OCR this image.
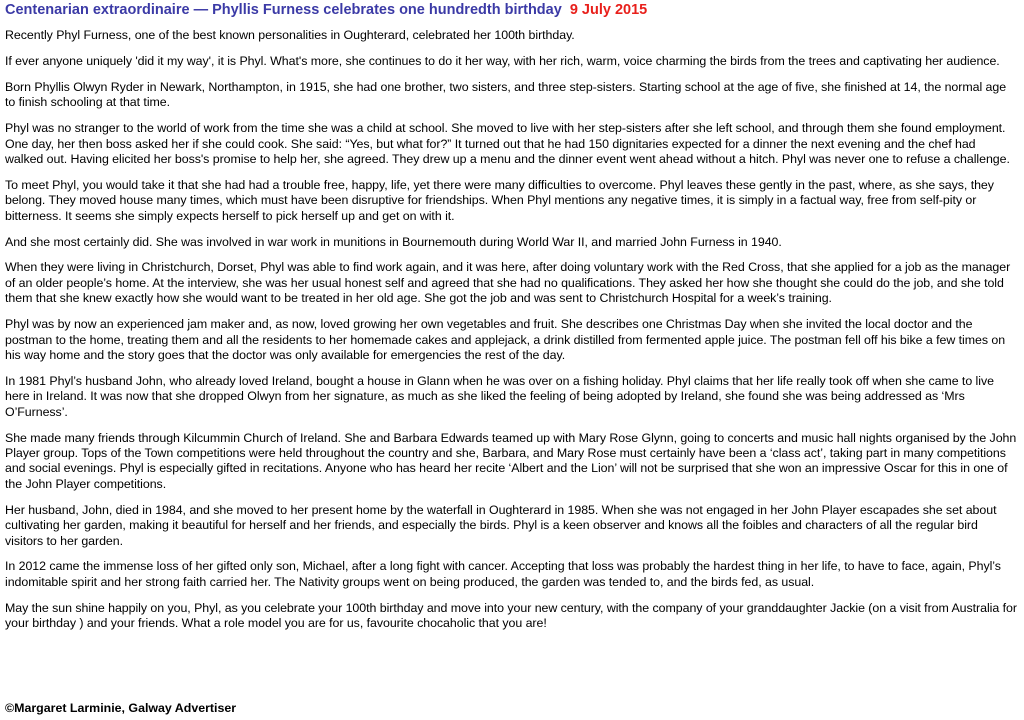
Centenarian extraordinaire — Phyllis Furness celebrates one hundredth birthday 9 July 2015

Recently Phyl Furness, one of the best known personalities in Oughterard, celebrated her 100th birthday.

If ever anyone uniquely 'did it my way', it is Phyl. What's more, she continues to do it her way, with her rich, warm, voice charming the birds from the trees and captivating her audience.

Born Phyllis Olwyn Ryder in Newark, Northampton, in 1915, she had one brother, two sisters, and three step-sisters. Starting school at the age of five, she finished at 14, the normal age to finish schooling at that time.

Phyl was no stranger to the world of work from the time she was a child at school. She moved to live with her step-sisters after she left school, and through them she found employment. One day, her then boss asked her if she could cook. She said: “Yes, but what for?” It turned out that he had 150 dignitaries expected for a dinner the next evening and the chef had walked out. Having elicited her boss's promise to help her, she agreed. They drew up a menu and the dinner event went ahead without a hitch. Phyl was never one to refuse a challenge.

To meet Phyl, you would take it that she had had a trouble free, happy, life, yet there were many difficulties to overcome. Phyl leaves these gently in the past, where, as she says, they belong. They moved house many times, which must have been disruptive for friendships. When Phyl mentions any negative times, it is simply in a factual way, free from self-pity or bitterness. It seems she simply expects herself to pick herself up and get on with it.

And she most certainly did. She was involved in war work in munitions in Bournemouth during World War II, and married John Furness in 1940.

When they were living in Christchurch, Dorset, Phyl was able to find work again, and it was here, after doing voluntary work with the Red Cross, that she applied for a job as the manager of an older people’s home. At the interview, she was her usual honest self and agreed that she had no qualifications. They asked her how she thought she could do the job, and she told them that she knew exactly how she would want to be treated in her old age. She got the job and was sent to Christchurch Hospital for a week’s training.

Phyl was by now an experienced jam maker and, as now, loved growing her own vegetables and fruit. She describes one Christmas Day when she invited the local doctor and the postman to the home, treating them and all the residents to her homemade cakes and applejack, a drink distilled from fermented apple juice. The postman fell off his bike a few times on his way home and the story goes that the doctor was only available for emergencies the rest of the day.

In 1981 Phyl’s husband John, who already loved Ireland, bought a house in Glann when he was over on a fishing holiday. Phyl claims that her life really took off when she came to live here in Ireland. It was now that she dropped Olwyn from her signature, as much as she liked the feeling of being adopted by Ireland, she found she was being addressed as ‘Mrs O’Furness’.

She made many friends through Kilcummin Church of Ireland. She and Barbara Edwards teamed up with Mary Rose Glynn, going to concerts and music hall nights organised by the John Player group. Tops of the Town competitions were held throughout the country and she, Barbara, and Mary Rose must certainly have been a ‘class act’, taking part in many competitions and social evenings. Phyl is especially gifted in recitations. Anyone who has heard her recite ‘Albert and the Lion’ will not be surprised that she won an impressive Oscar for this in one of the John Player competitions.

Her husband, John, died in 1984, and she moved to her present home by the waterfall in Oughterard in 1985. When she was not engaged in her John Player escapades she set about cultivating her garden, making it beautiful for herself and her friends, and especially the birds. Phyl is a keen observer and knows all the foibles and characters of all the regular bird visitors to her garden.

In 2012 came the immense loss of her gifted only son, Michael, after a long fight with cancer. Accepting that loss was probably the hardest thing in her life, to have to face, again, Phyl’s indomitable spirit and her strong faith carried her. The Nativity groups went on being produced, the garden was tended to, and the birds fed, as usual.

May the sun shine happily on you, Phyl, as you celebrate your 100th birthday and move into your new century, with the company of your granddaughter Jackie (on a visit from Australia for your birthday ) and your friends. What a role model you are for us, favourite chocaholic that you are!

©Margaret Larminie, Galway Advertiser
